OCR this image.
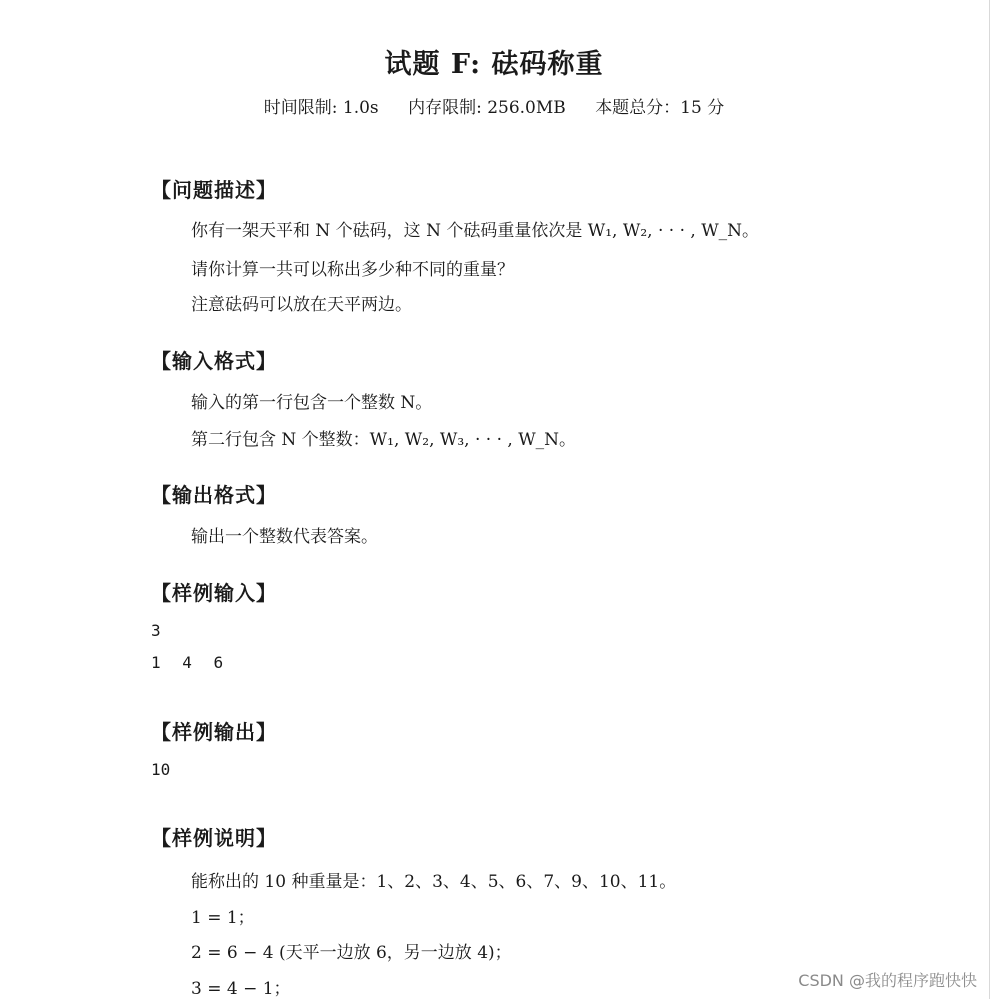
试题 F: 砝码称重
时间限制: 1.0s 内存限制: 256.0MB 本题总分：15 分
【问题描述】
你有一架天平和 N 个砝码，这 N 个砝码重量依次是 W₁, W₂, · · · , W_N。
请你计算一共可以称出多少种不同的重量？
注意砝码可以放在天平两边。
【输入格式】
输入的第一行包含一个整数 N。
第二行包含 N 个整数：W₁, W₂, W₃, · · · , W_N。
【输出格式】
输出一个整数代表答案。
【样例输入】
3
1 4 6
【样例输出】
10
【样例说明】
能称出的 10 种重量是：1、2、3、4、5、6、7、9、10、11。
1 = 1；
2 = 6 − 4 (天平一边放 6，另一边放 4)；
3 = 4 − 1；	CSDN @我的程序跑快快
